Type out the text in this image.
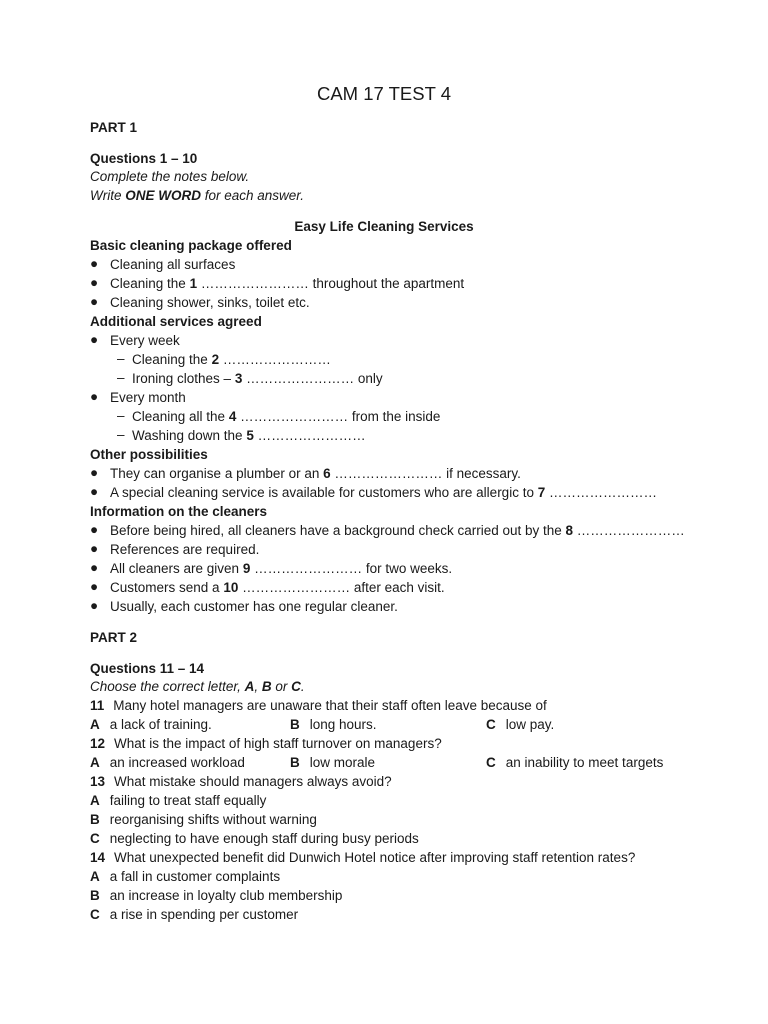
CAM 17 TEST 4
PART 1
Questions 1 – 10
Complete the notes below.
Write ONE WORD for each answer.
Easy Life Cleaning Services
Basic cleaning package offered
● Cleaning all surfaces
● Cleaning the 1 …………………… throughout the apartment
● Cleaning shower, sinks, toilet etc.
Additional services agreed
● Every week
– Cleaning the 2 ……………………
– Ironing clothes – 3 …………………… only
● Every month
– Cleaning all the 4 …………………… from the inside
– Washing down the 5 ……………………
Other possibilities
● They can organise a plumber or an 6 …………………… if necessary.
● A special cleaning service is available for customers who are allergic to 7 ……………………
Information on the cleaners
● Before being hired, all cleaners have a background check carried out by the 8 ……………………
● References are required.
● All cleaners are given 9 …………………… for two weeks.
● Customers send a 10 …………………… after each visit.
● Usually, each customer has one regular cleaner.
PART 2
Questions 11 – 14
Choose the correct letter, A, B or C.
11 Many hotel managers are unaware that their staff often leave because of
A a lack of training.	B long hours.	C low pay.
12 What is the impact of high staff turnover on managers?
A an increased workload	B low morale	C an inability to meet targets
13 What mistake should managers always avoid?
A failing to treat staff equally
B reorganising shifts without warning
C neglecting to have enough staff during busy periods
14 What unexpected benefit did Dunwich Hotel notice after improving staff retention rates?
A a fall in customer complaints
B an increase in loyalty club membership
C a rise in spending per customer
